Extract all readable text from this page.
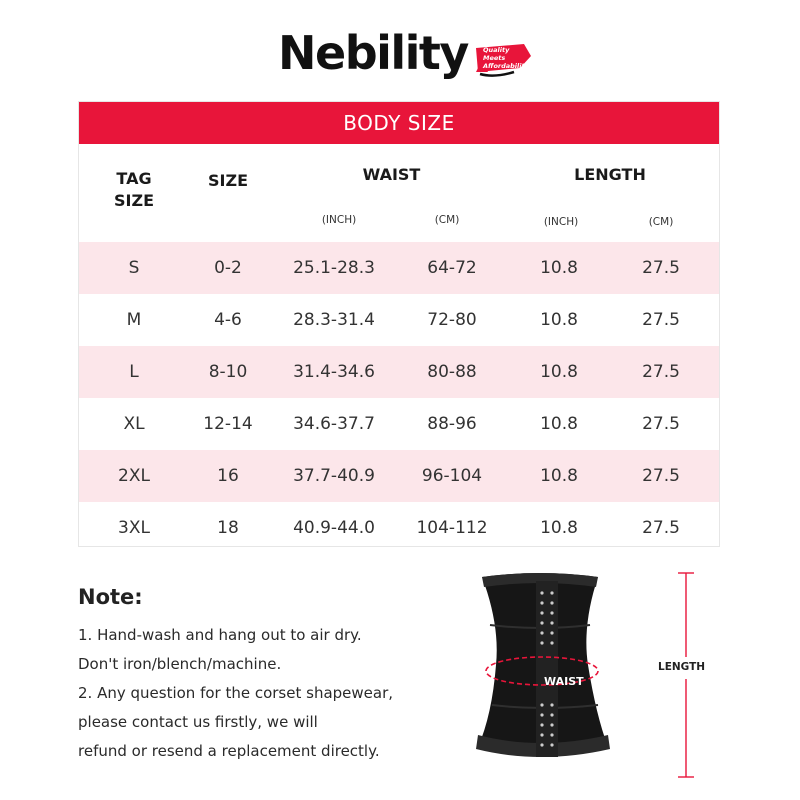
Nebility Quality
Meets
Affordability
BODY SIZE
TAG SIZE
SIZE	WAIST	LENGTH
(INCH)	(CM)	(INCH)	(CM)
S	0-2	25.1-28.3	64-72	10.8	27.5
M	4-6	28.3-31.4	72-80	10.8	27.5
L	8-10	31.4-34.6	80-88	10.8	27.5
XL	12-14	34.6-37.7	88-96	10.8	27.5
2XL	16	37.7-40.9	96-104	10.8	27.5
3XL	18	40.9-44.0	104-112	10.8	27.5
Note:
1. Hand-wash and hang out to air dry.
Don't iron/blench/machine.
2. Any question for the corset shapewear,
please contact us firstly, we will
refund or resend a replacement directly.
WAIST
LENGTH
